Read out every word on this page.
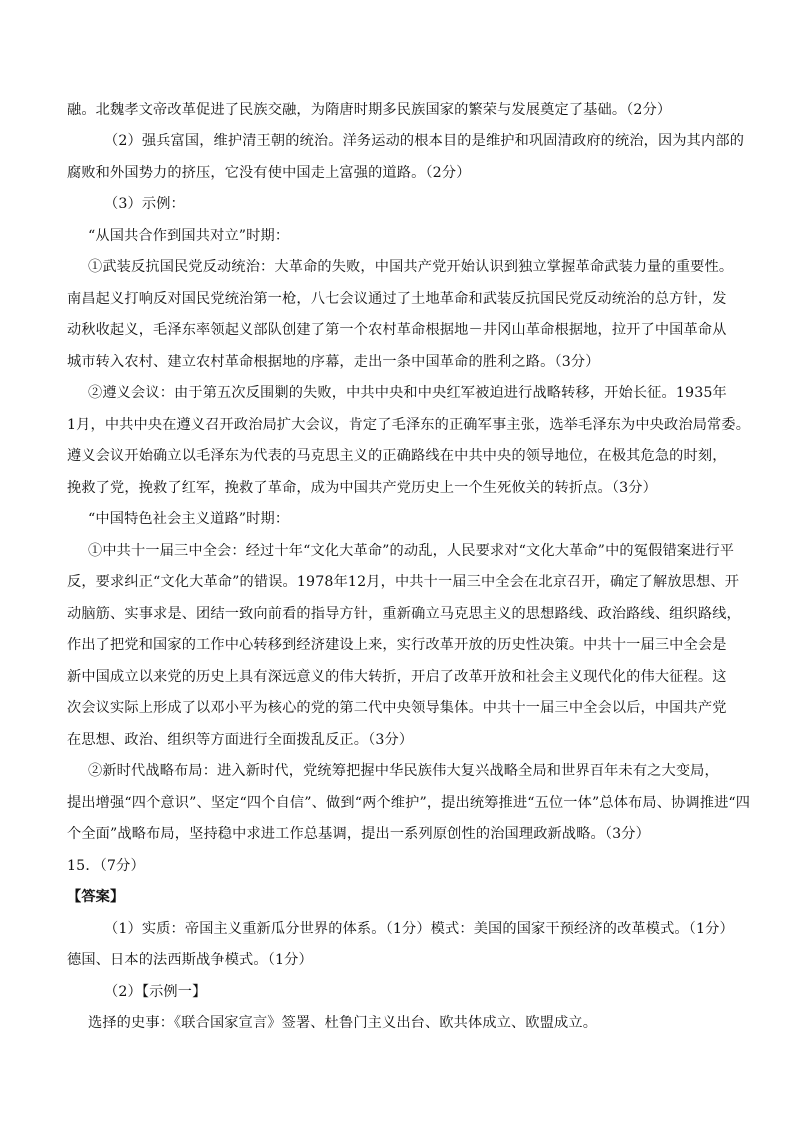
融。北魏孝文帝改革促进了民族交融，为隋唐时期多民族国家的繁荣与发展奠定了基础。（2分）
（2）强兵富国，维护清王朝的统治。洋务运动的根本目的是维护和巩固清政府的统治，因为其内部的
腐败和外国势力的挤压，它没有使中国走上富强的道路。（2分）
（3）示例：
“从国共合作到国共对立”时期：
①武装反抗国民党反动统治：大革命的失败，中国共产党开始认识到独立掌握革命武装力量的重要性。
南昌起义打响反对国民党统治第一枪，八七会议通过了土地革命和武装反抗国民党反动统治的总方针，发
动秋收起义，毛泽东率领起义部队创建了第一个农村革命根据地－井冈山革命根据地，拉开了中国革命从
城市转入农村、建立农村革命根据地的序幕，走出一条中国革命的胜利之路。（3分）
②遵义会议：由于第五次反围剿的失败，中共中央和中央红军被迫进行战略转移，开始长征。1935年
1月，中共中央在遵义召开政治局扩大会议，肯定了毛泽东的正确军事主张，选举毛泽东为中央政治局常委。
遵义会议开始确立以毛泽东为代表的马克思主义的正确路线在中共中央的领导地位，在极其危急的时刻，
挽救了党，挽救了红军，挽救了革命，成为中国共产党历史上一个生死攸关的转折点。（3分）
“中国特色社会主义道路”时期：
①中共十一届三中全会：经过十年“文化大革命”的动乱，人民要求对“文化大革命”中的冤假错案进行平
反，要求纠正“文化大革命”的错误。1978年12月，中共十一届三中全会在北京召开，确定了解放思想、开
动脑筋、实事求是、团结一致向前看的指导方针，重新确立马克思主义的思想路线、政治路线、组织路线，
作出了把党和国家的工作中心转移到经济建设上来，实行改革开放的历史性决策。中共十一届三中全会是
新中国成立以来党的历史上具有深远意义的伟大转折，开启了改革开放和社会主义现代化的伟大征程。这
次会议实际上形成了以邓小平为核心的党的第二代中央领导集体。中共十一届三中全会以后，中国共产党
在思想、政治、组织等方面进行全面拨乱反正。（3分）
②新时代战略布局：进入新时代，党统筹把握中华民族伟大复兴战略全局和世界百年未有之大变局，
提出增强“四个意识”、坚定“四个自信”、做到“两个维护”，提出统筹推进“五位一体”总体布局、协调推进“四
个全面”战略布局，坚持稳中求进工作总基调，提出一系列原创性的治国理政新战略。（3分）
15．（7分）
【答案】
（1）实质：帝国主义重新瓜分世界的体系。（1分）模式：美国的国家干预经济的改革模式。（1分）
德国、日本的法西斯战争模式。（1分）
（2）【示例一】
选择的史事：《联合国家宣言》签署、杜鲁门主义出台、欧共体成立、欧盟成立。
